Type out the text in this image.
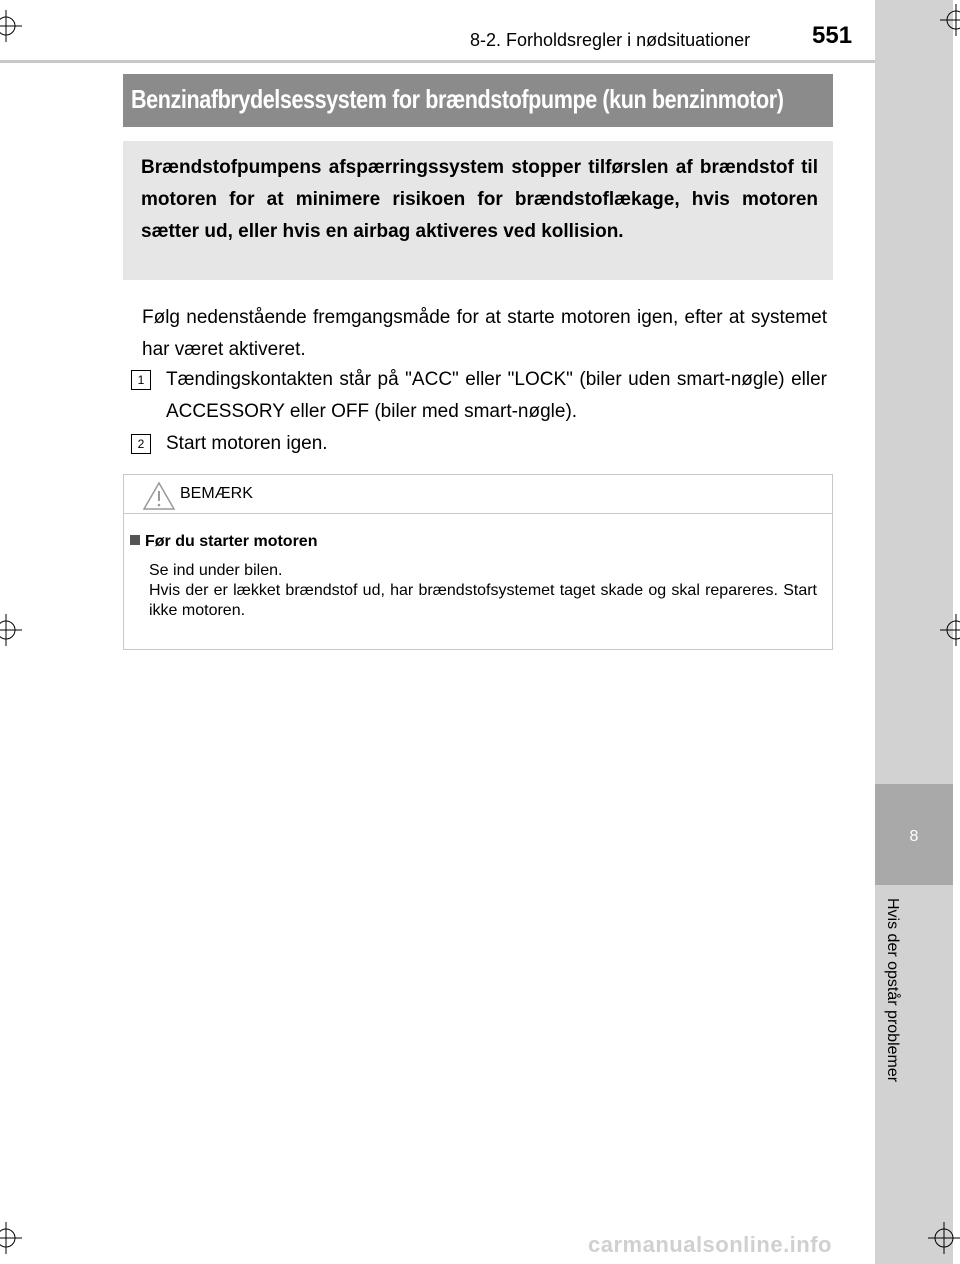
8-2. Forholdsregler i nødsituationer	551
8
Hvis der opstår problemer
Benzinafbrydelsessystem for brændstofpumpe (kun benzinmotor)
Brændstofpumpens afspærringssystem stopper tilførslen af brændstof til motoren for at minimere risikoen for brændstoflækage, hvis motoren sætter ud, eller hvis en airbag aktiveres ved kollision.
Følg nedenstående fremgangsmåde for at starte motoren igen, efter at systemet har været aktiveret.
1	Tændingskontakten står på "ACC" eller "LOCK" (biler uden smart-nøgle) eller ACCESSORY eller OFF (biler med smart-nøgle).
2	Start motoren igen.
BEMÆRK
Før du starter motoren
Se ind under bilen.
Hvis der er lækket brændstof ud, har brændstofsystemet taget skade og skal repareres. Start ikke motoren.
carmanualsonline.info
